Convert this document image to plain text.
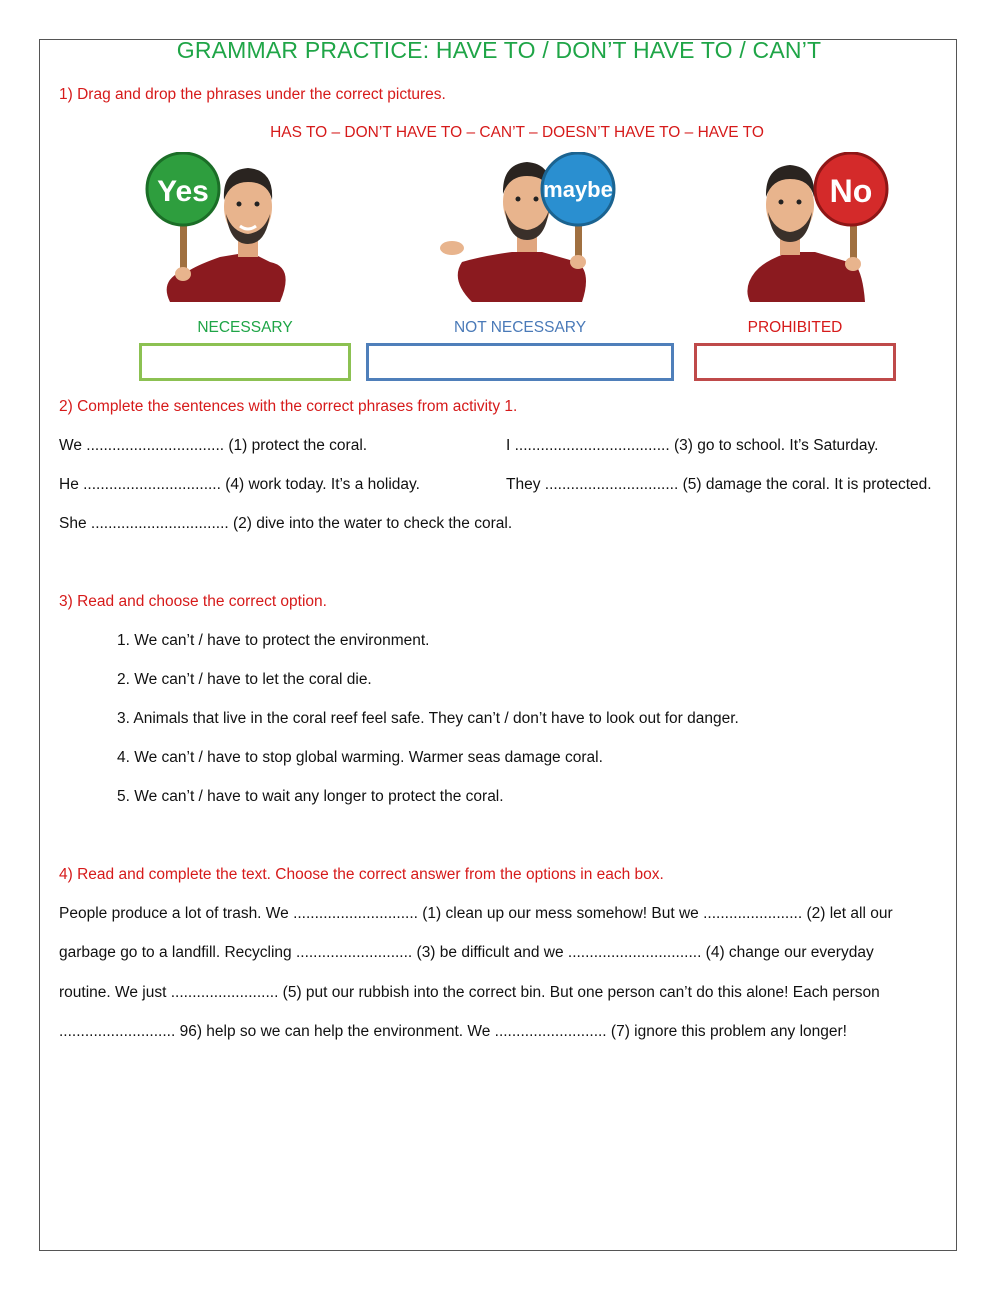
GRAMMAR PRACTICE: HAVE TO / DON’T HAVE TO / CAN’T
1) Drag and drop the phrases under the correct pictures.
HAS TO – DON’T HAVE TO – CAN’T – DOESN’T HAVE TO – HAVE TO
Yes	maybe	No
NECESSARY	NOT NECESSARY	PROHIBITED
2) Complete the sentences with the correct phrases from activity 1.
We ................................ (1) protect the coral.	I .................................... (3) go to school. It’s Saturday.
He ................................ (4) work today. It’s a holiday.	They ............................... (5) damage the coral. It is protected.
She ................................ (2) dive into the water to check the coral.
3) Read and choose the correct option.
1. We can’t / have to protect the environment.
2. We can’t / have to let the coral die.
3. Animals that live in the coral reef feel safe. They can’t / don’t have to look out for danger.
4. We can’t / have to stop global warming. Warmer seas damage coral.
5. We can’t / have to wait any longer to protect the coral.
4) Read and complete the text. Choose the correct answer from the options in each box.
People produce a lot of trash. We ............................. (1) clean up our mess somehow! But we ....................... (2) let all our
garbage go to a landfill. Recycling ........................... (3) be difficult and we ............................... (4) change our everyday
routine. We just ......................... (5) put our rubbish into the correct bin. But one person can’t do this alone! Each person
........................... 96) help so we can help the environment. We .......................... (7) ignore this problem any longer!
